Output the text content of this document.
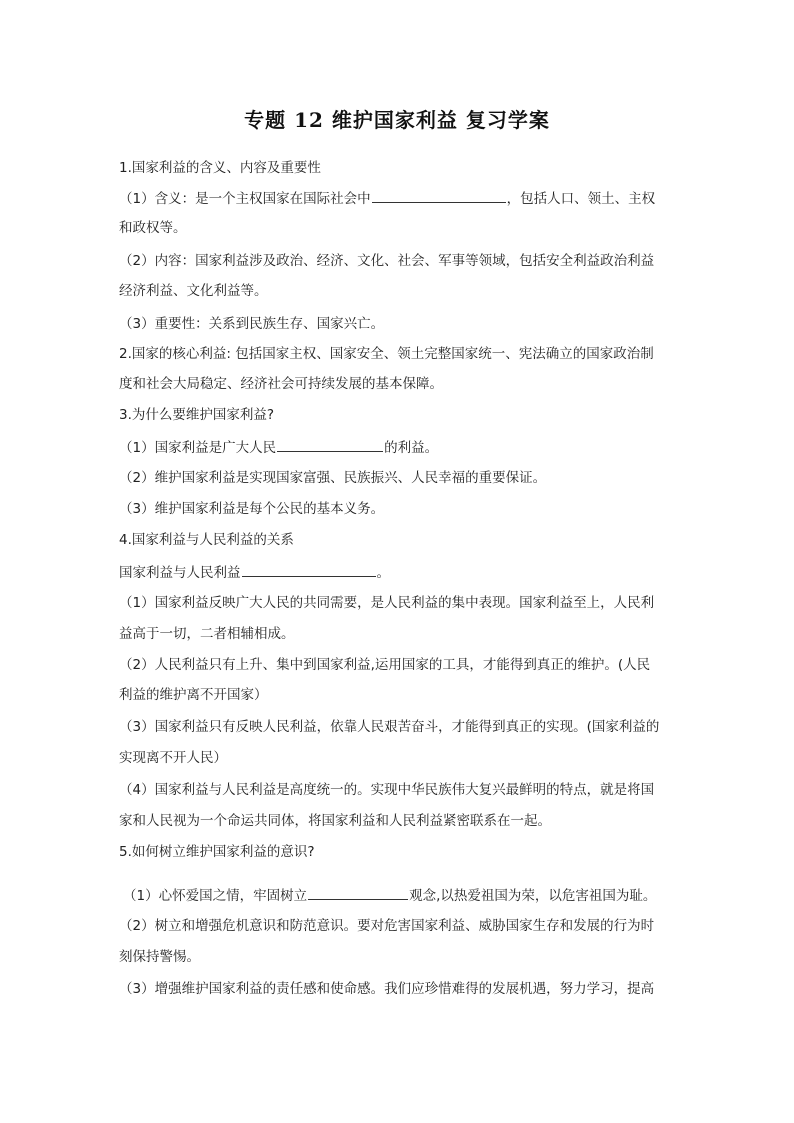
专题 12 维护国家利益 复习学案
1.国家利益的含义、内容及重要性
（1）含义：是一个主权国家在国际社会中	，包括人口、领土、主权
和政权等。
（2）内容：国家利益涉及政治、经济、文化、社会、军事等领域，包括安全利益政治利益
经济利益、文化利益等。
（3）重要性：关系到民族生存、国家兴亡。
2.国家的核心利益: 包括国家主权、国家安全、领土完整国家统一、宪法确立的国家政治制
度和社会大局稳定、经济社会可持续发展的基本保障。
3.为什么要维护国家利益?
（1）国家利益是广大人民	的利益。
（2）维护国家利益是实现国家富强、民族振兴、人民幸福的重要保证。
（3）维护国家利益是每个公民的基本义务。
4.国家利益与人民利益的关系
国家利益与人民利益	。
（1）国家利益反映广大人民的共同需要，是人民利益的集中表现。国家利益至上，人民利
益高于一切，二者相辅相成。
（2）人民利益只有上升、集中到国家利益,运用国家的工具，才能得到真正的维护。(人民
利益的维护离不开国家）
（3）国家利益只有反映人民利益，依靠人民艰苦奋斗，才能得到真正的实现。(国家利益的
实现离不开人民）
（4）国家利益与人民利益是高度统一的。实现中华民族伟大复兴最鲜明的特点，就是将国
家和人民视为一个命运共同体，将国家利益和人民利益紧密联系在一起。
5.如何树立维护国家利益的意识?
（1）心怀爱国之情，牢固树立	观念,以热爱祖国为荣，以危害祖国为耻。
（2）树立和增强危机意识和防范意识。要对危害国家利益、威胁国家生存和发展的行为时
刻保持警惕。
（3）增强维护国家利益的责任感和使命感。我们应珍惜难得的发展机遇，努力学习，提高
